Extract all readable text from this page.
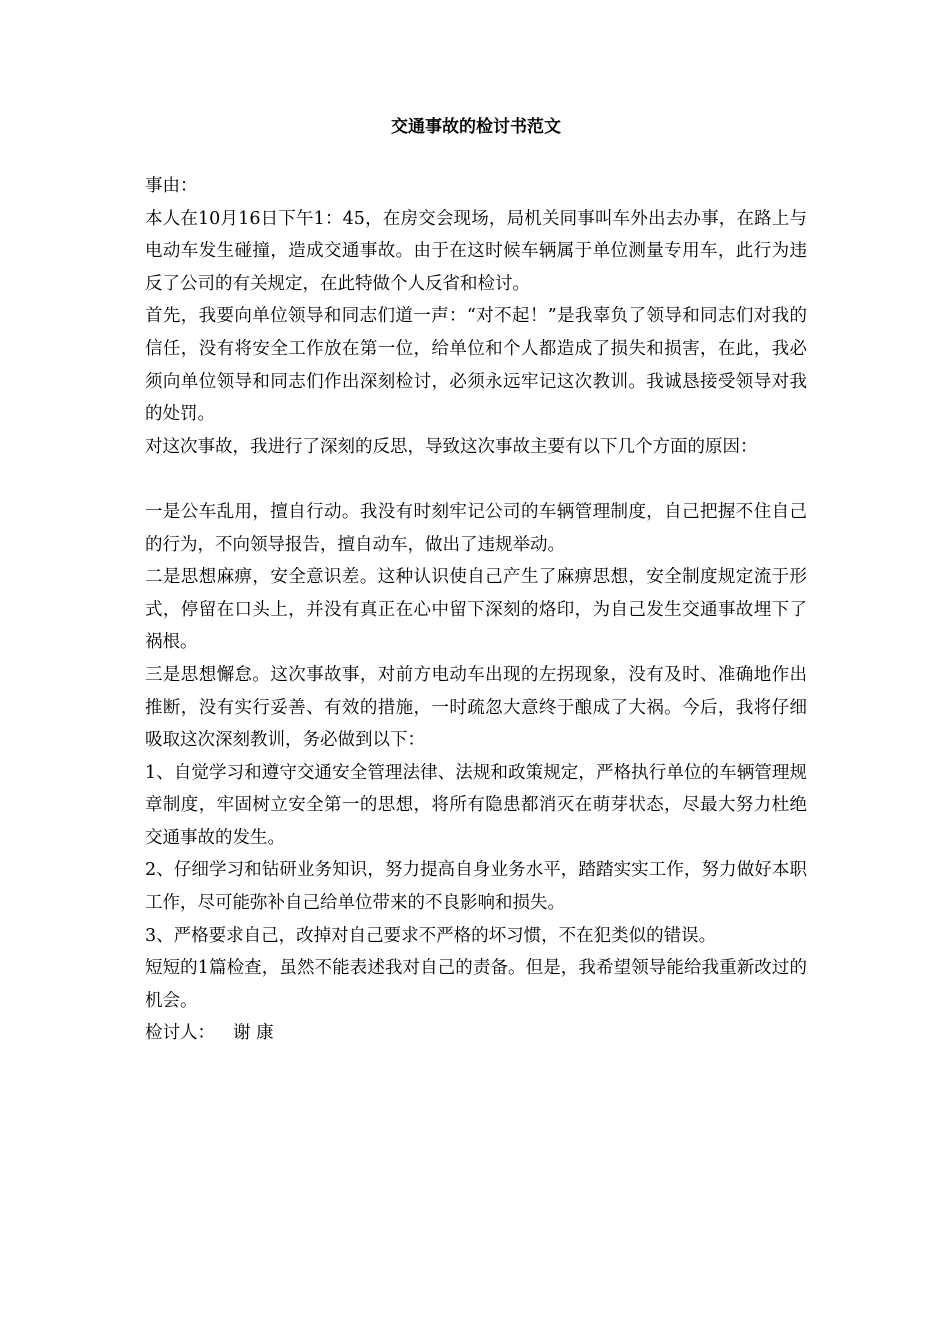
交通事故的检讨书范文

事由：

本人在10月16日下午1：45，在房交会现场，局机关同事叫车外出去办事，在路上与电动车发生碰撞，造成交通事故。由于在这时候车辆属于单位测量专用车，此行为违反了公司的有关规定，在此特做个人反省和检讨。

首先，我要向单位领导和同志们道一声：“对不起！”是我辜负了领导和同志们对我的信任，没有将安全工作放在第一位，给单位和个人都造成了损失和损害，在此，我必须向单位领导和同志们作出深刻检讨，必须永远牢记这次教训。我诚恳接受领导对我的处罚。

对这次事故，我进行了深刻的反思，导致这次事故主要有以下几个方面的原因：

一是公车乱用，擅自行动。我没有时刻牢记公司的车辆管理制度，自己把握不住自己的行为，不向领导报告，擅自动车，做出了违规举动。

二是思想麻痹，安全意识差。这种认识使自己产生了麻痹思想，安全制度规定流于形式，停留在口头上，并没有真正在心中留下深刻的烙印，为自己发生交通事故埋下了祸根。

三是思想懈怠。这次事故事，对前方电动车出现的左拐现象，没有及时、准确地作出推断，没有实行妥善、有效的措施，一时疏忽大意终于酿成了大祸。今后，我将仔细吸取这次深刻教训，务必做到以下：

1、自觉学习和遵守交通安全管理法律、法规和政策规定，严格执行单位的车辆管理规章制度，牢固树立安全第一的思想，将所有隐患都消灭在萌芽状态，尽最大努力杜绝交通事故的发生。

2、仔细学习和钻研业务知识，努力提高自身业务水平，踏踏实实工作，努力做好本职工作，尽可能弥补自己给单位带来的不良影响和损失。

3、严格要求自己，改掉对自己要求不严格的坏习惯，不在犯类似的错误。

短短的1篇检查，虽然不能表述我对自己的责备。但是，我希望领导能给我重新改过的机会。

检讨人： 谢 康
